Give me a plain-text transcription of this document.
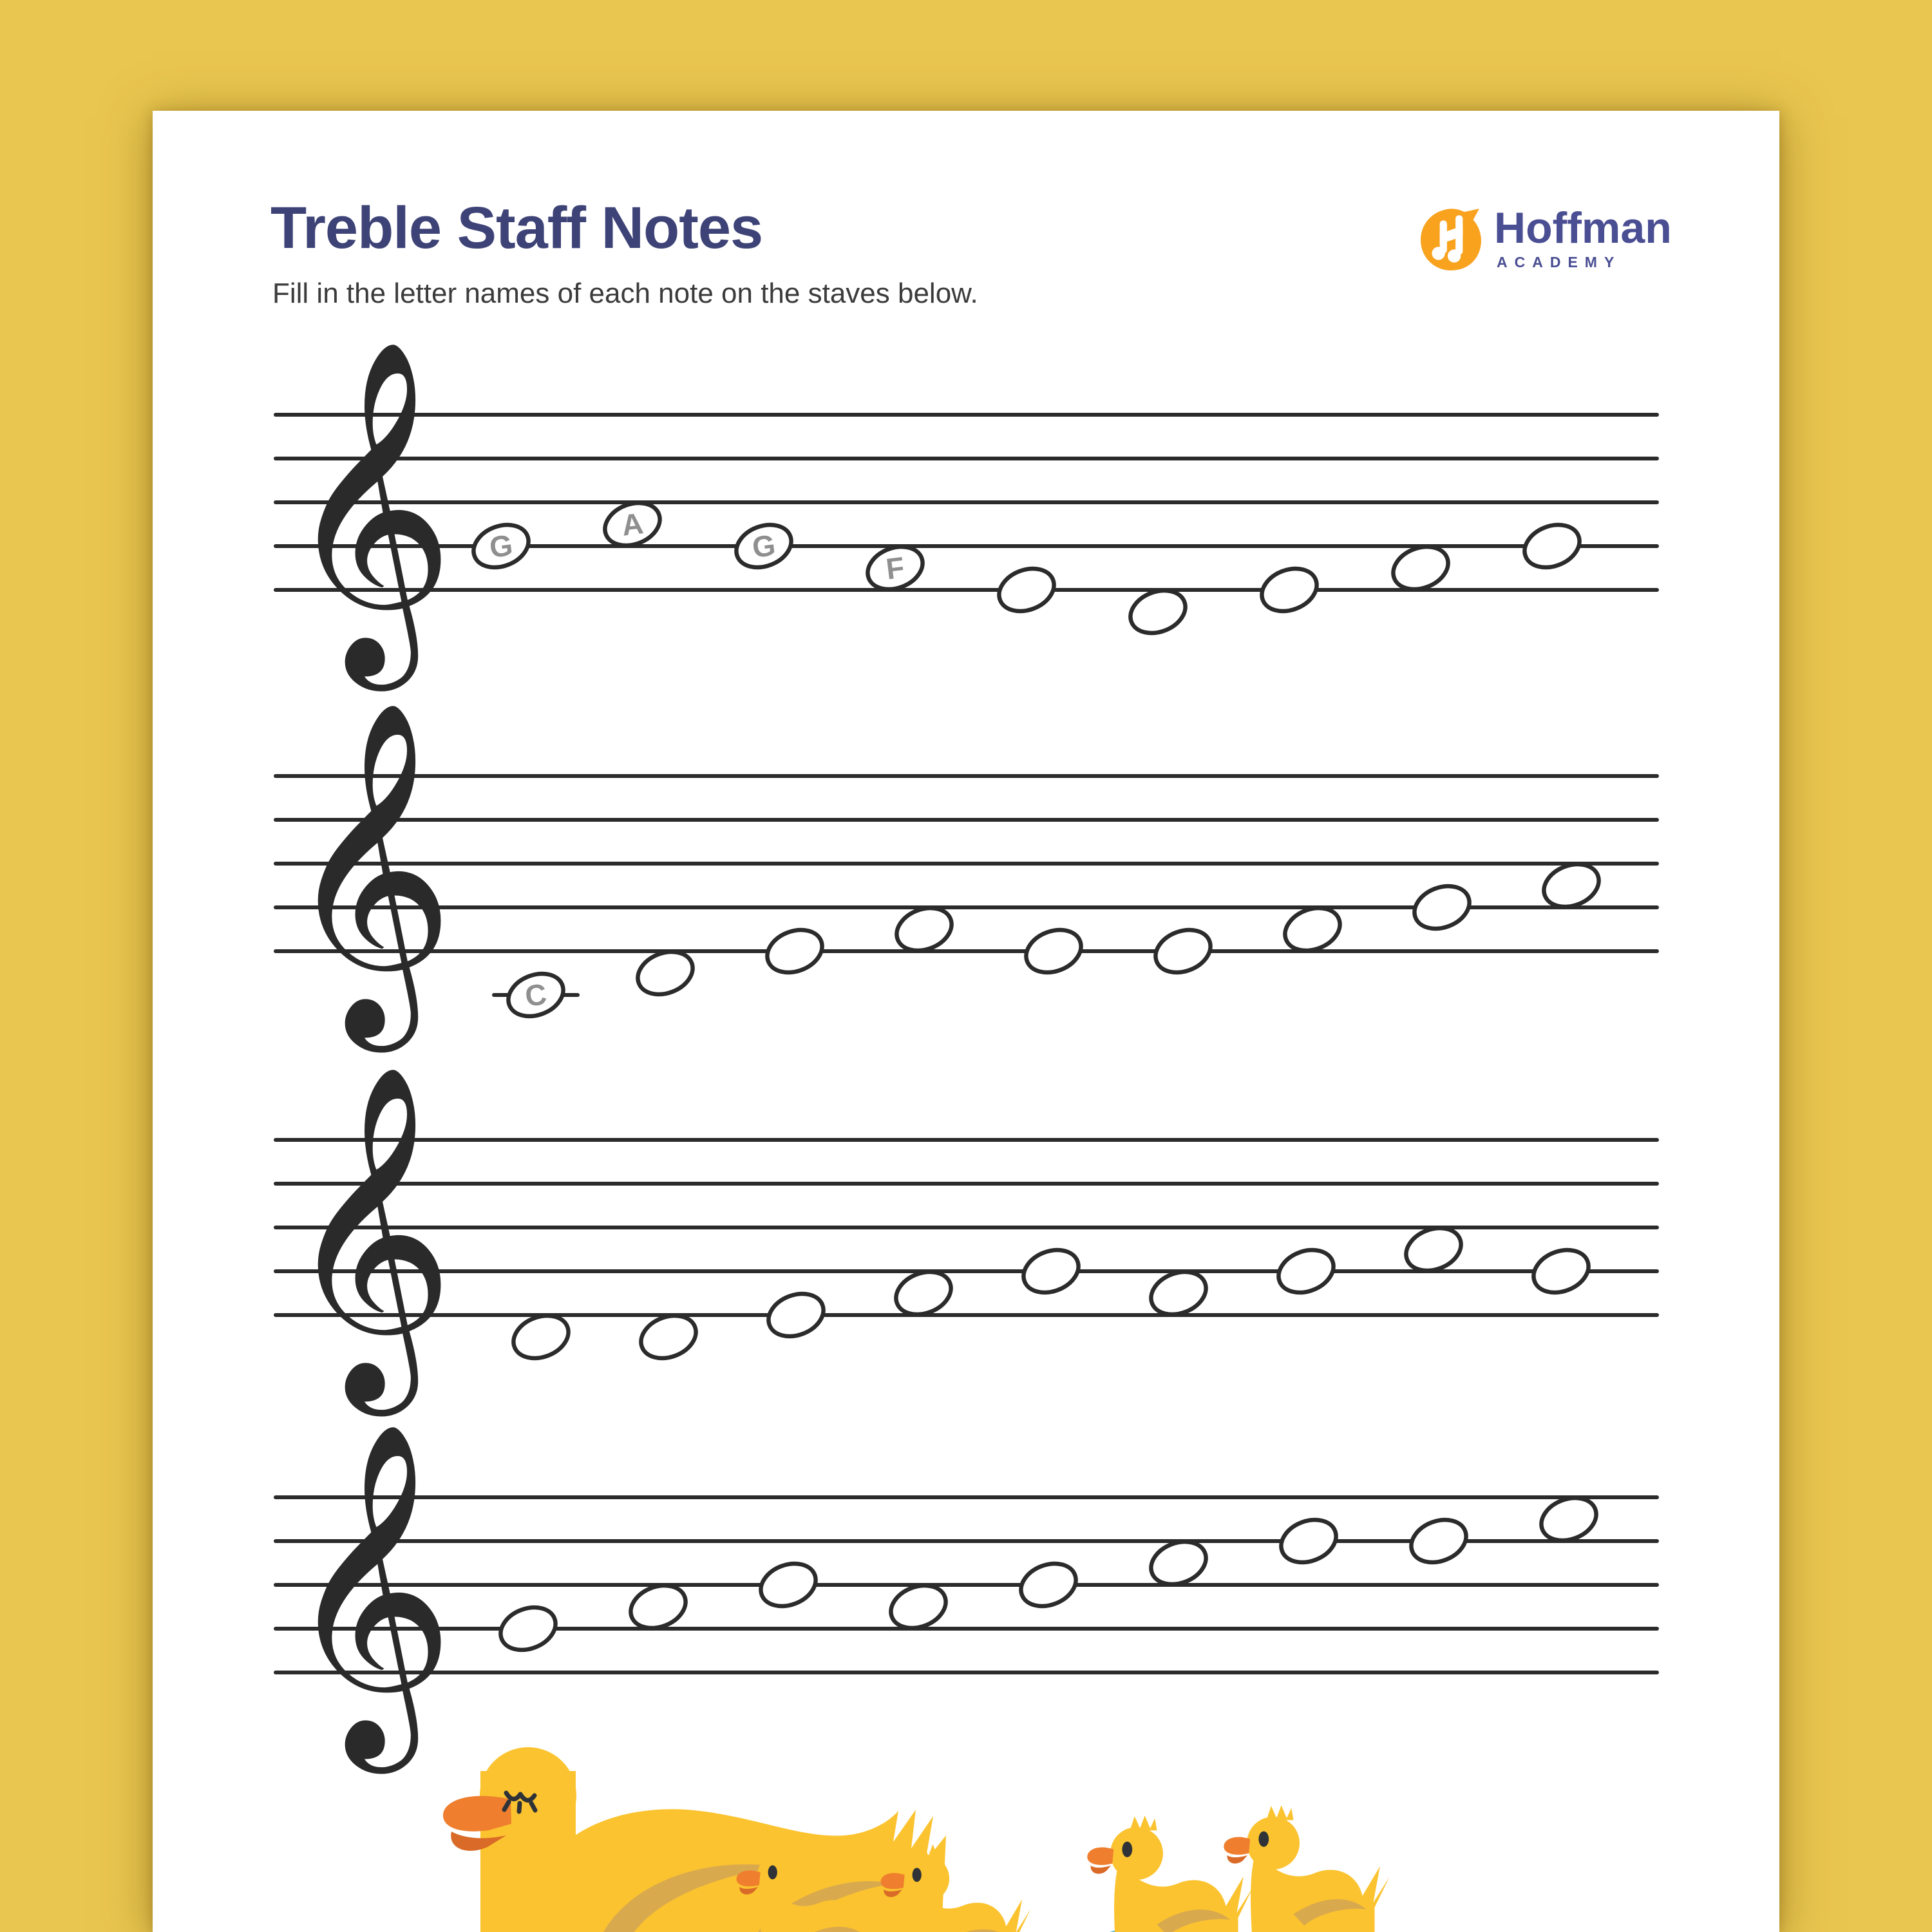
Treble Staff Notes

Fill in the letter names of each note on the staves below.

Hoffman
ACADEMY
𝄞
𝄞
𝄞
𝄞
G
A
G
F
C
